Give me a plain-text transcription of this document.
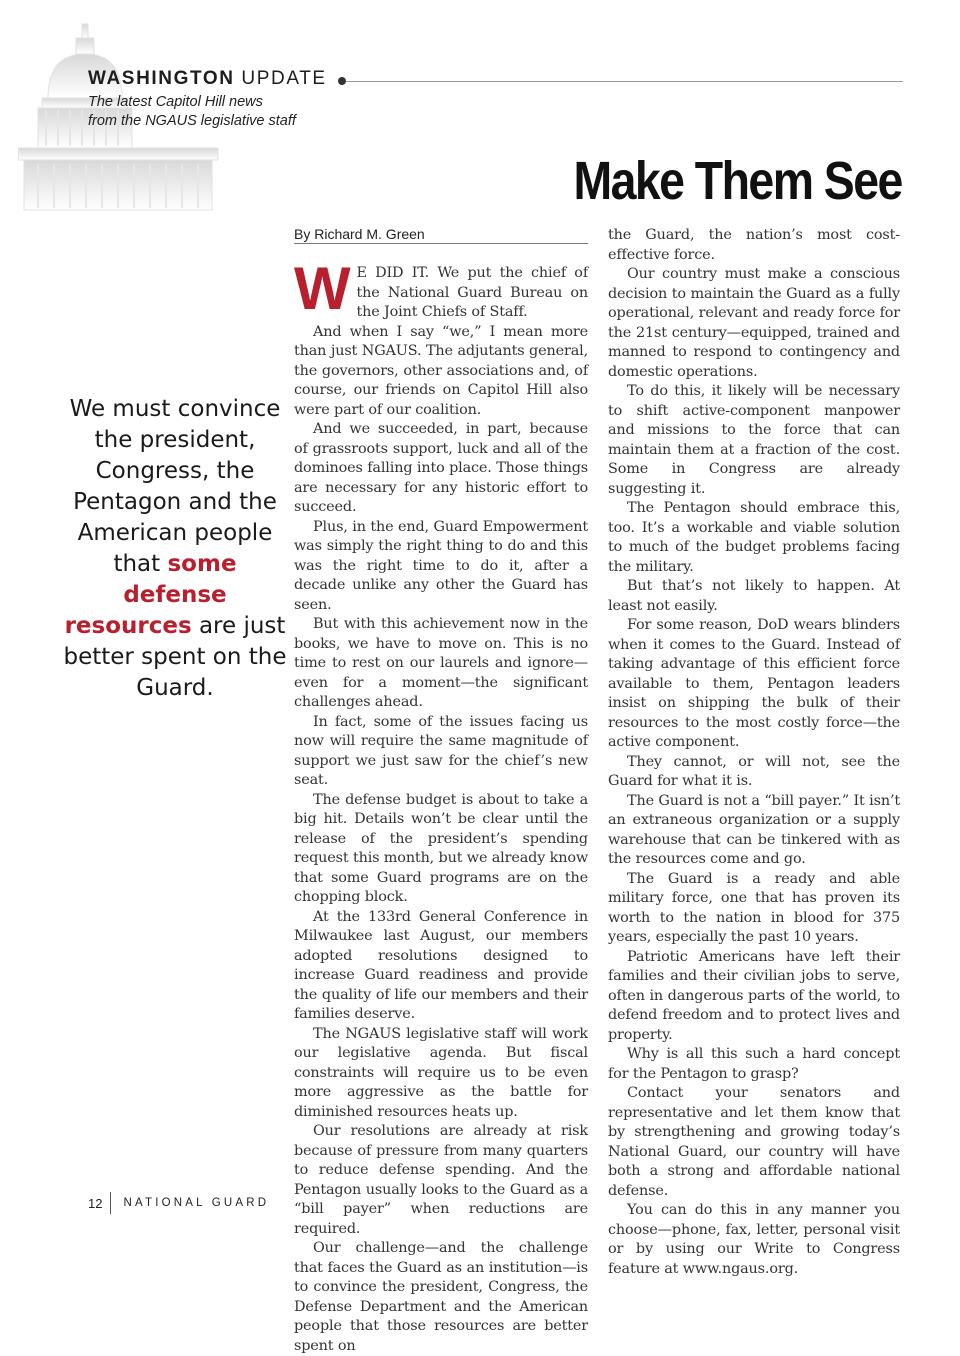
WASHINGTON UPDATE
The latest Capitol Hill news
from the NGAUS legislative staff
Make Them See
By Richard M. Green
We must convince the president, Congress, the Pentagon and the American people that some defense resources are just better spent on the Guard.
W E DID IT. We put the chief of the National Guard Bureau on the Joint Chiefs of Staff.

And when I say “we,” I mean more than just NGAUS. The adjutants general, the governors, other associations and, of course, our friends on Capitol Hill also were part of our coalition.

And we succeeded, in part, because of grassroots support, luck and all of the dominoes falling into place. Those things are necessary for any historic effort to succeed.

Plus, in the end, Guard Empowerment was simply the right thing to do and this was the right time to do it, after a decade unlike any other the Guard has seen.

But with this achievement now in the books, we have to move on. This is no time to rest on our laurels and ignore—even for a moment—the significant challenges ahead.

In fact, some of the issues facing us now will require the same magnitude of support we just saw for the chief’s new seat.

The defense budget is about to take a big hit. Details won’t be clear until the release of the president’s spending request this month, but we already know that some Guard programs are on the chopping block.

At the 133rd General Conference in Milwaukee last August, our members adopted resolutions designed to increase Guard readiness and provide the quality of life our members and their families deserve.

The NGAUS legislative staff will work our legislative agenda. But fiscal constraints will require us to be even more aggressive as the battle for diminished resources heats up.

Our resolutions are already at risk because of pressure from many quarters to reduce defense spending. And the Pentagon usually looks to the Guard as a “bill payer” when reductions are required.

Our challenge—and the challenge that faces the Guard as an institution—is to convince the president, Congress, the Defense Department and the American people that those resources are better spent on

the Guard, the nation’s most cost-effective force.

Our country must make a conscious decision to maintain the Guard as a fully operational, relevant and ready force for the 21st century—equipped, trained and manned to respond to contingency and domestic operations.

To do this, it likely will be necessary to shift active-component manpower and missions to the force that can maintain them at a fraction of the cost. Some in Congress are already suggesting it.

The Pentagon should embrace this, too. It’s a workable and viable solution to much of the budget problems facing the military.

But that’s not likely to happen. At least not easily.

For some reason, DoD wears blinders when it comes to the Guard. Instead of taking advantage of this efficient force available to them, Pentagon leaders insist on shipping the bulk of their resources to the most costly force—the active component.

They cannot, or will not, see the Guard for what it is.

The Guard is not a “bill payer.” It isn’t an extraneous organization or a supply warehouse that can be tinkered with as the resources come and go.

The Guard is a ready and able military force, one that has proven its worth to the nation in blood for 375 years, especially the past 10 years.

Patriotic Americans have left their families and their civilian jobs to serve, often in dangerous parts of the world, to defend freedom and to protect lives and property.

Why is all this such a hard concept for the Pentagon to grasp?

Contact your senators and representative and let them know that by strengthening and growing today’s National Guard, our country will have both a strong and affordable national defense.

You can do this in any manner you choose—phone, fax, letter, personal visit or by using our Write to Congress feature at www.ngaus.org.

12 NATIONAL GUARD
